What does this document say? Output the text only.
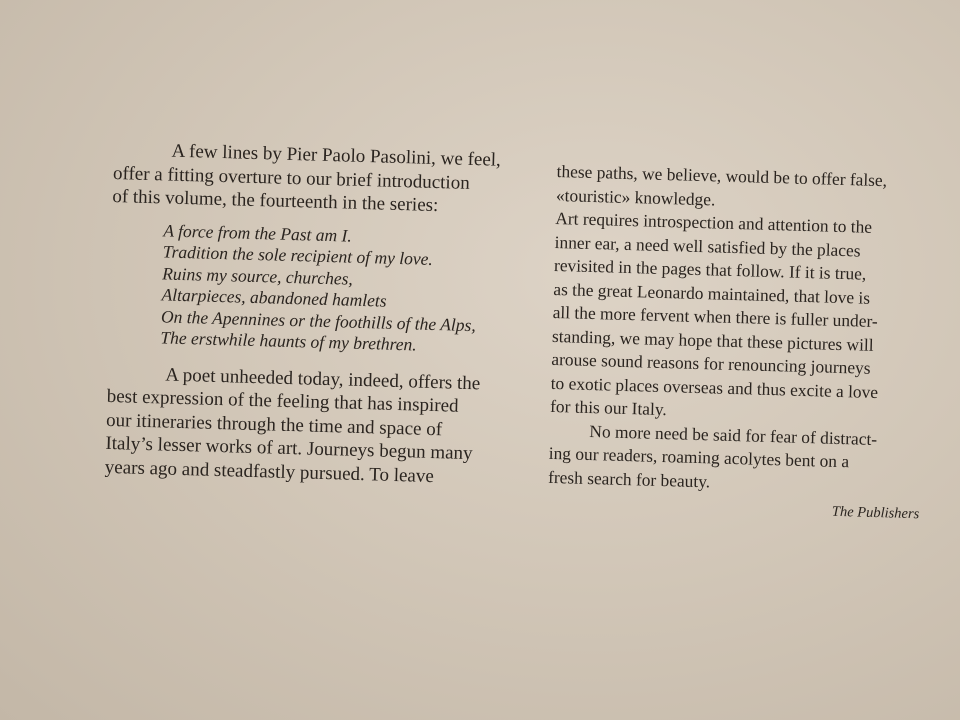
A few lines by Pier Paolo Pasolini, we feel,
offer a fitting overture to our brief introduction
of this volume, the fourteenth in the series:
A force from the Past am I.
Tradition the sole recipient of my love.
Ruins my source, churches,
Altarpieces, abandoned hamlets
On the Apennines or the foothills of the Alps,
The erstwhile haunts of my brethren.
A poet unheeded today, indeed, offers the
best expression of the feeling that has inspired
our itineraries through the time and space of
Italy’s lesser works of art. Journeys begun many
years ago and steadfastly pursued. To leave
these paths, we believe, would be to offer false,
«touristic» knowledge.
Art requires introspection and attention to the
inner ear, a need well satisfied by the places
revisited in the pages that follow. If it is true,
as the great Leonardo maintained, that love is
all the more fervent when there is fuller under-
standing, we may hope that these pictures will
arouse sound reasons for renouncing journeys
to exotic places overseas and thus excite a love
for this our Italy.
No more need be said for fear of distract-
ing our readers, roaming acolytes bent on a
fresh search for beauty.
The Publishers
